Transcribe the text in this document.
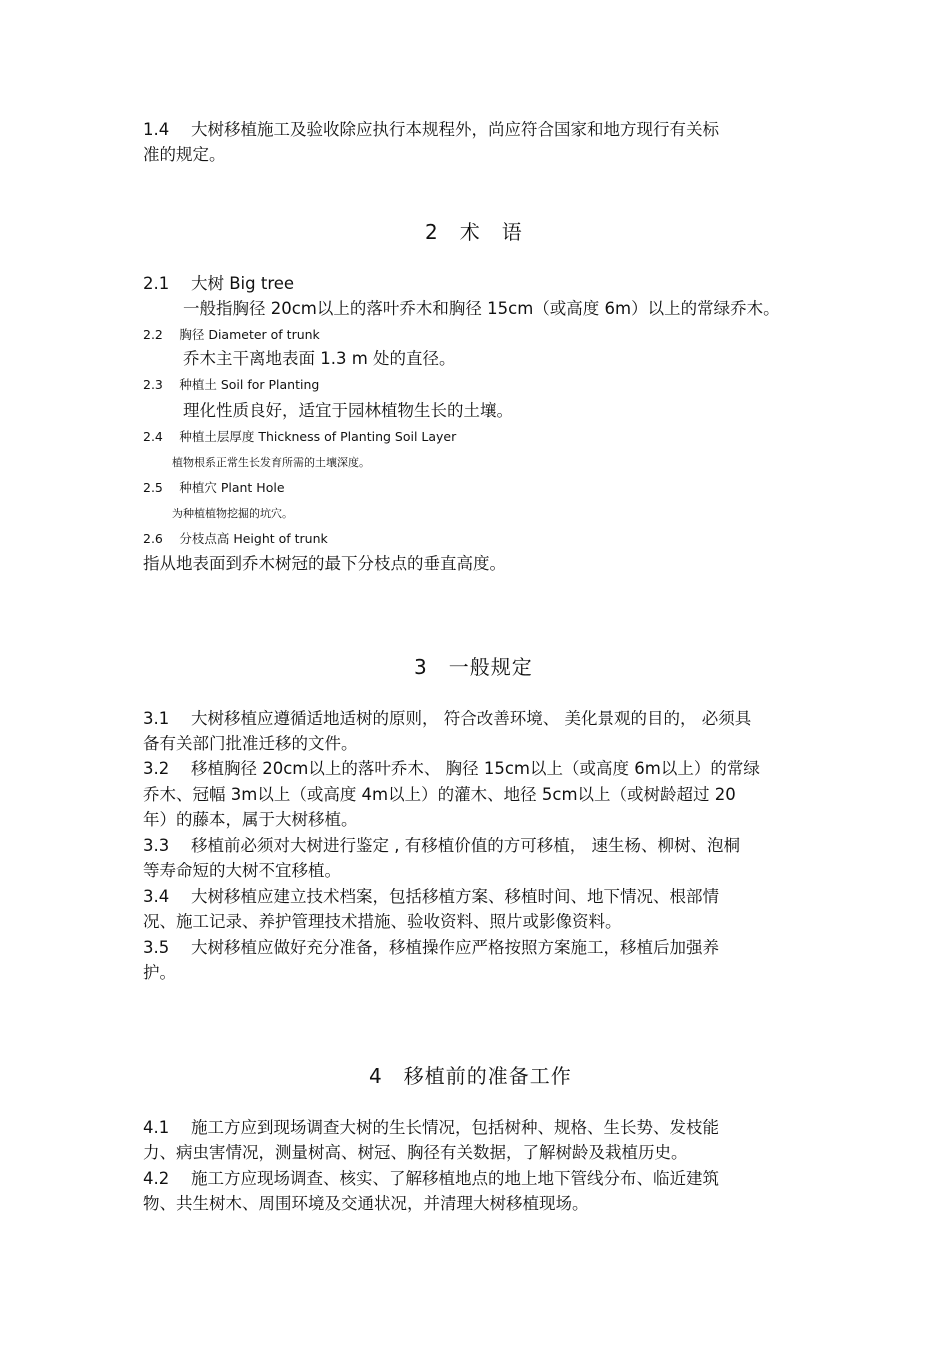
1.4　 大树移植施工及验收除应执行本规程外，尚应符合国家和地方现行有关标
准的规定。
2　术　语
2.1　 大树 Big tree
一般指胸径 20cm以上的落叶乔木和胸径 15cm（或高度 6m）以上的常绿乔木。
2.2　 胸径 Diameter of trunk
乔木主干离地表面 1.3 m 处的直径。
2.3　 种植土 Soil for Planting
理化性质良好，适宜于园林植物生长的土壤。
2.4　 种植土层厚度 Thickness of Planting Soil Layer
植物根系正常生长发育所需的土壤深度。
2.5　 种植穴 Plant Hole
为种植植物挖掘的坑穴。
2.6　 分枝点高 Height of trunk
指从地表面到乔木树冠的最下分枝点的垂直高度。
3　一般规定
3.1　 大树移植应遵循适地适树的原则， 符合改善环境、 美化景观的目的， 必须具
备有关部门批准迁移的文件。
3.2　 移植胸径 20cm以上的落叶乔木、 胸径 15cm以上（或高度 6m以上）的常绿
乔木、冠幅 3m以上（或高度 4m以上）的灌木、地径 5cm以上（或树龄超过 20
年）的藤本，属于大树移植。
3.3　 移植前必须对大树进行鉴定 , 有移植价值的方可移植， 速生杨、柳树、泡桐
等寿命短的大树不宜移植。
3.4　 大树移植应建立技术档案，包括移植方案、移植时间、地下情况、根部情
况、施工记录、养护管理技术措施、验收资料、照片或影像资料。
3.5　 大树移植应做好充分准备，移植操作应严格按照方案施工，移植后加强养
护。
4　移植前的准备工作
4.1　 施工方应到现场调查大树的生长情况，包括树种、规格、生长势、发枝能
力、病虫害情况，测量树高、树冠、胸径有关数据，了解树龄及栽植历史。
4.2　 施工方应现场调查、核实、了解移植地点的地上地下管线分布、临近建筑
物、共生树木、周围环境及交通状况，并清理大树移植现场。
